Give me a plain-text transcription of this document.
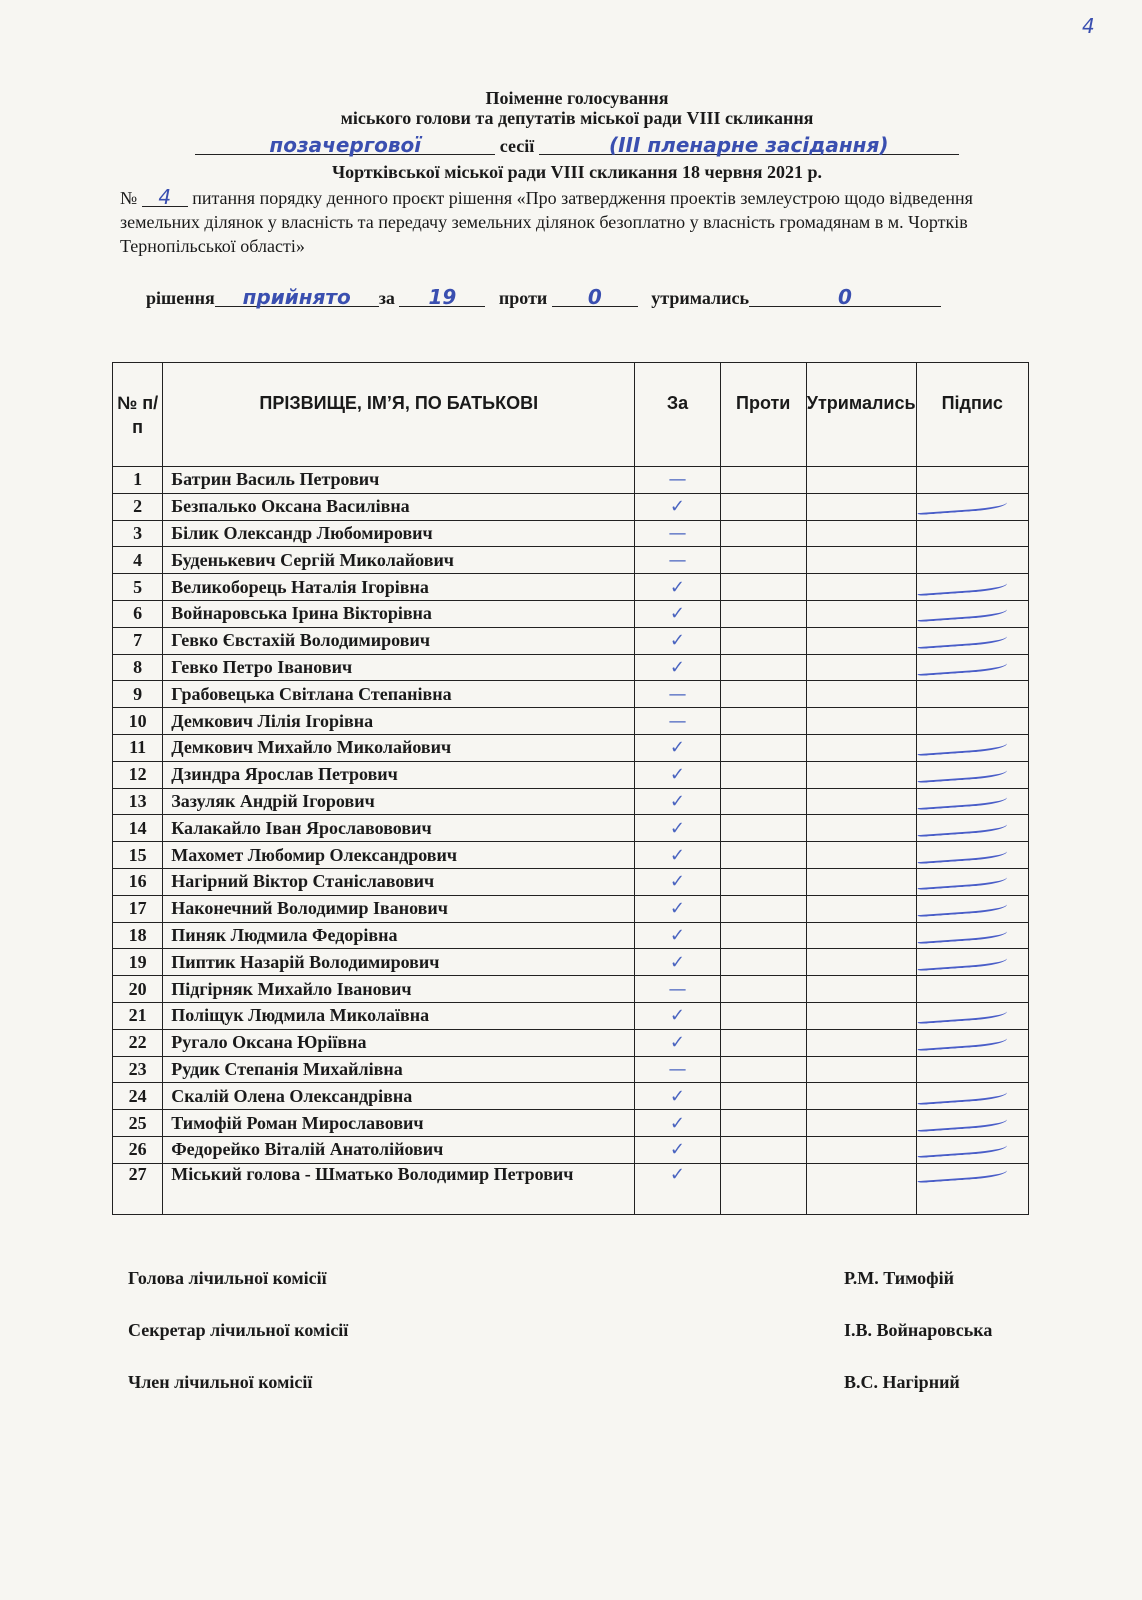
4
Поіменне голосування
міського голови та депутатів міської ради VIII скликання
позачергової	сесії	(ІІІ пленарне засідання)
Чортківської міської ради VIII скликання 18 червня 2021 р.
№ 4 питання порядку денного проєкт рішення «Про затвердження проектів землеустрою щодо відведення земельних ділянок у власність та передачу земельних ділянок безоплатно у власність громадянам в м. Чортків Тернопільської області»
рішення прийнято за 19 проти 0	утримались	0
№ п/п	ПРІЗВИЩЕ, ІМ’Я, ПО БАТЬКОВІ	За	Проти	Утримались	Підпис
1	Батрин Василь Петрович	—			
2	Безпалько Оксана Василівна	✓			
3	Білик Олександр Любомирович	—			
4	Буденькевич Сергій Миколайович	—			
5	Великоборець Наталія Ігорівна	✓			
6	Войнаровська Ірина Вікторівна	✓			
7	Гевко Євстахій Володимирович	✓			
8	Гевко Петро Іванович	✓			
9	Грабовецька Світлана Степанівна	—			
10	Демкович Лілія Ігорівна	—			
11	Демкович Михайло Миколайович	✓			
12	Дзиндра Ярослав Петрович	✓			
13	Зазуляк Андрій Ігорович	✓			
14	Калакайло Іван Ярославовович	✓			
15	Махомет Любомир Олександрович	✓			
16	Нагірний Віктор Станіславович	✓			
17	Наконечний Володимир Іванович	✓			
18	Пиняк Людмила Федорівна	✓			
19	Пиптик Назарій Володимирович	✓			
20	Підгірняк Михайло Іванович	—			
21	Поліщук Людмила Миколаївна	✓			
22	Ругало Оксана Юріївна	✓			
23	Рудик Степанія Михайлівна	—			
24	Скалій Олена Олександрівна	✓			
25	Тимофій Роман Мирославович	✓			
26	Федорейко Віталій Анатолійович	✓			
27	Міський голова - Шматько Володимир Петрович	✓			
Голова лічильної комісії	Р.М. Тимофій
Секретар лічильної комісії	І.В. Войнаровська
Член лічильної комісії	В.С. Нагірний
